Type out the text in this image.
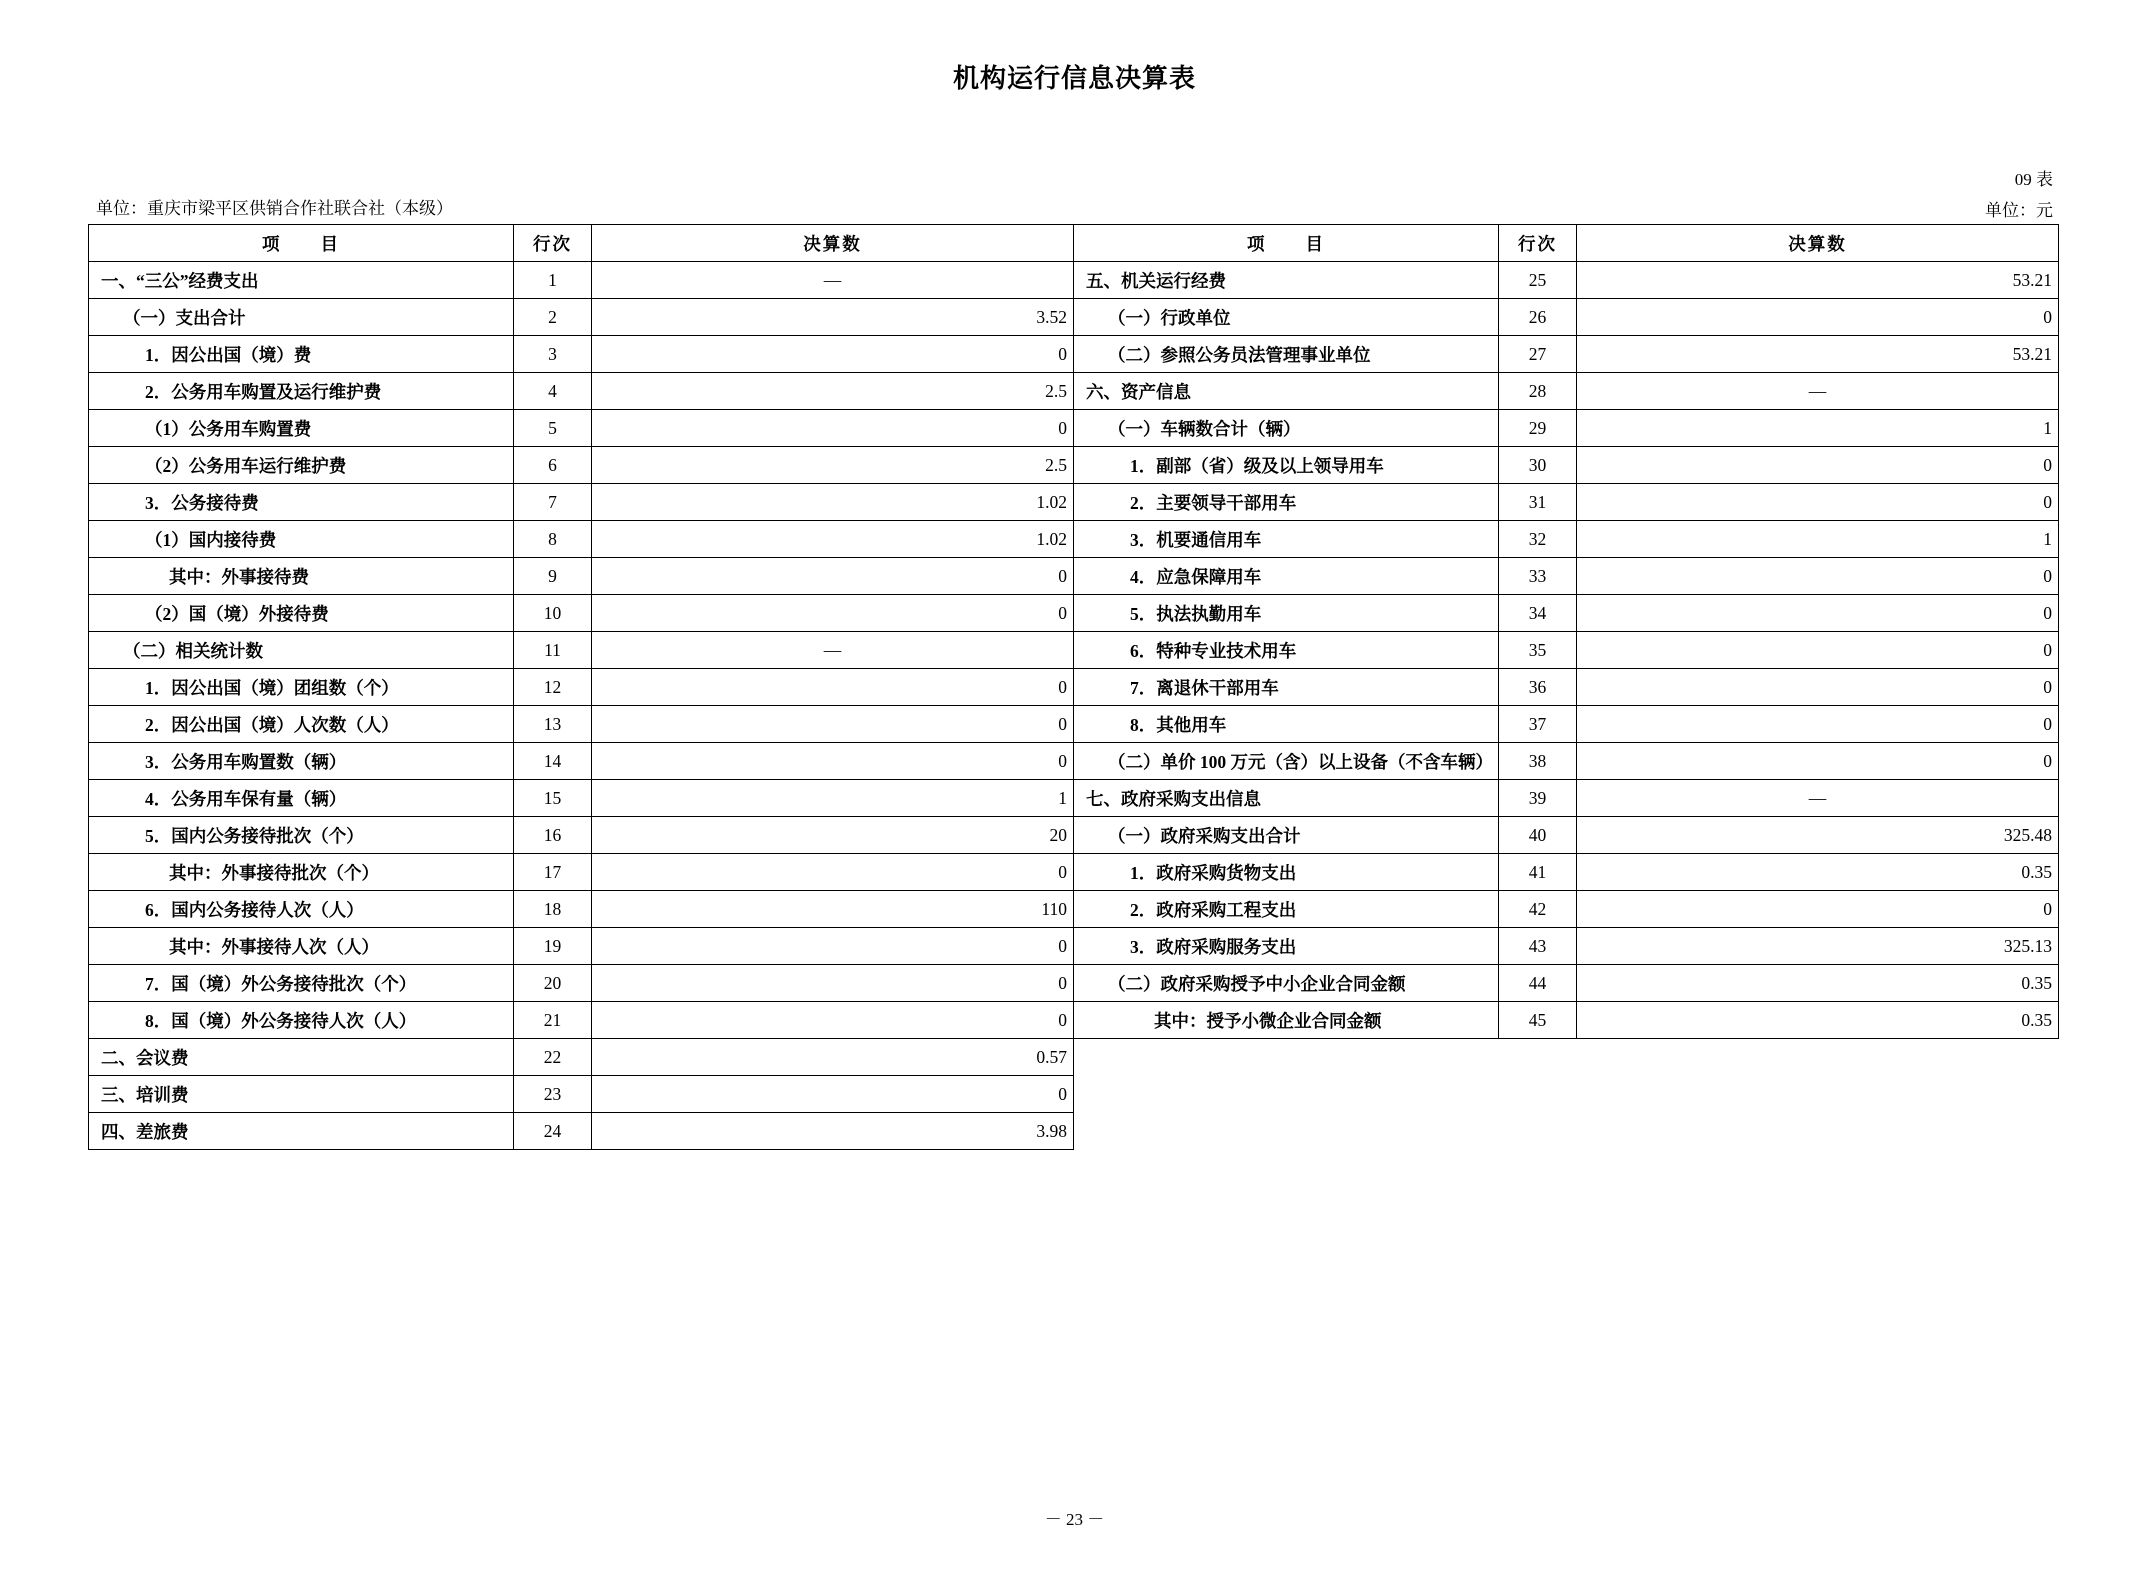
机构运行信息决算表
09 表
单位：元
单位：重庆市梁平区供销合作社联合社（本级）
项　　目	行次	决算数	项　　目	行次	决算数
一、“三公”经费支出	1	—	五、机关运行经费	25	53.21
（一）支出合计	2	3.52	（一）行政单位	26	0
1．因公出国（境）费	3	0	（二）参照公务员法管理事业单位	27	53.21
2．公务用车购置及运行维护费	4	2.5	六、资产信息	28	—
（1）公务用车购置费	5	0	（一）车辆数合计（辆）	29	1
（2）公务用车运行维护费	6	2.5	1．副部（省）级及以上领导用车	30	0
3．公务接待费	7	1.02	2．主要领导干部用车	31	0
（1）国内接待费	8	1.02	3．机要通信用车	32	1
其中：外事接待费	9	0	4．应急保障用车	33	0
（2）国（境）外接待费	10	0	5．执法执勤用车	34	0
（二）相关统计数	11	—	6．特种专业技术用车	35	0
1．因公出国（境）团组数（个）	12	0	7．离退休干部用车	36	0
2．因公出国（境）人次数（人）	13	0	8．其他用车	37	0
3．公务用车购置数（辆）	14	0	（二）单价 100 万元（含）以上设备（不含车辆）	38	0
4．公务用车保有量（辆）	15	1	七、政府采购支出信息	39	—
5．国内公务接待批次（个）	16	20	（一）政府采购支出合计	40	325.48
其中：外事接待批次（个）	17	0	1．政府采购货物支出	41	0.35
6．国内公务接待人次（人）	18	110	2．政府采购工程支出	42	0
其中：外事接待人次（人）	19	0	3．政府采购服务支出	43	325.13
7．国（境）外公务接待批次（个）	20	0	（二）政府采购授予中小企业合同金额	44	0.35
8．国（境）外公务接待人次（人）	21	0	其中：授予小微企业合同金额	45	0.35
二、会议费	22	0.57			
三、培训费	23	0			
四、差旅费	24	3.98			
－ 23 －
